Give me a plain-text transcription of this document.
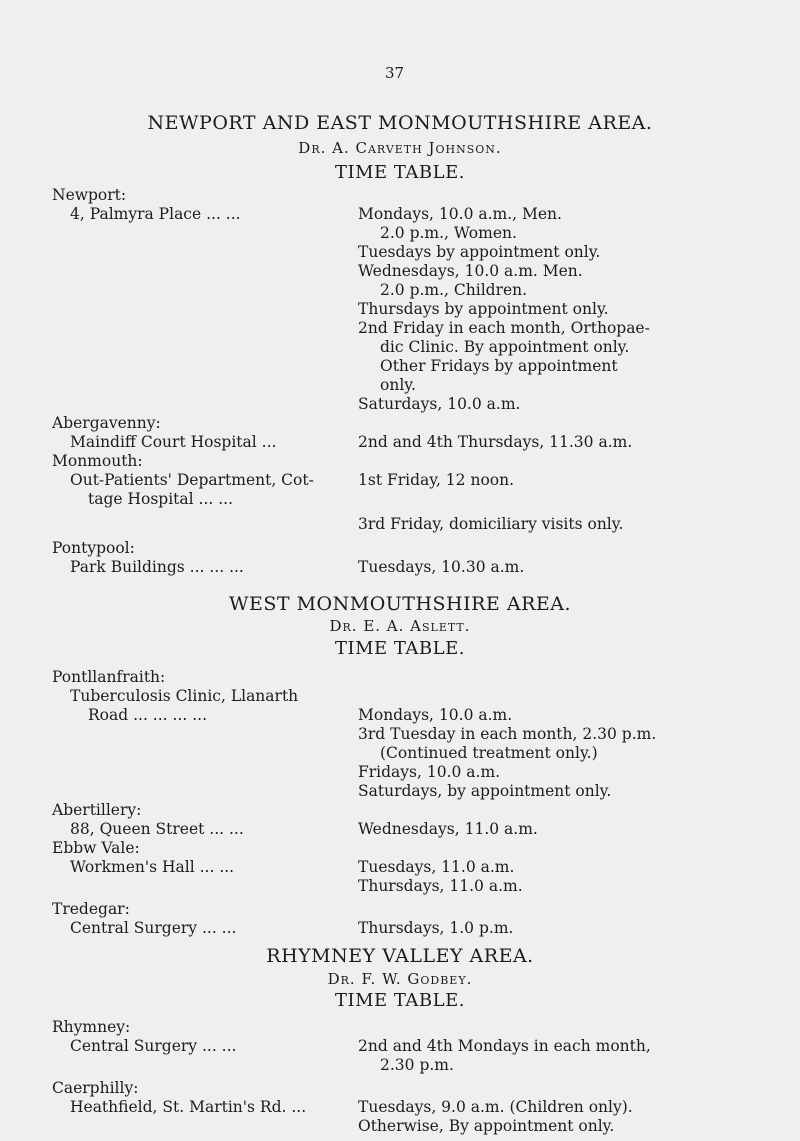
37
NEWPORT AND EAST MONMOUTHSHIRE AREA.
Dr. A. Carveth Johnson.
TIME TABLE.
Newport:
4, Palmyra Place ... ...	Mondays, 10.0 a.m., Men.
2.0 p.m., Women.
Tuesdays by appointment only.
Wednesdays, 10.0 a.m. Men.
2.0 p.m., Children.
Thursdays by appointment only.
2nd Friday in each month, Orthopae-
dic Clinic. By appointment only.
Other Fridays by appointment
only.
Saturdays, 10.0 a.m.
Abergavenny:
Maindiff Court Hospital ...	2nd and 4th Thursdays, 11.30 a.m.
Monmouth:
Out-Patients' Department, Cot-	1st Friday, 12 noon.
tage Hospital ... ...
3rd Friday, domiciliary visits only.
Pontypool:
Park Buildings ... ... ...	Tuesdays, 10.30 a.m.
WEST MONMOUTHSHIRE AREA.
Dr. E. A. Aslett.
TIME TABLE.
Pontllanfraith:
Tuberculosis Clinic, Llanarth
Road ... ... ... ...	Mondays, 10.0 a.m.
3rd Tuesday in each month, 2.30 p.m.
(Continued treatment only.)
Fridays, 10.0 a.m.
Saturdays, by appointment only.
Abertillery:
88, Queen Street ... ...	Wednesdays, 11.0 a.m.
Ebbw Vale:
Workmen's Hall ... ...	Tuesdays, 11.0 a.m.
Thursdays, 11.0 a.m.
Tredegar:
Central Surgery ... ...	Thursdays, 1.0 p.m.
RHYMNEY VALLEY AREA.
Dr. F. W. Godbey.
TIME TABLE.
Rhymney:
Central Surgery ... ...	2nd and 4th Mondays in each month,
2.30 p.m.
Caerphilly:
Heathfield, St. Martin's Rd. ...	Tuesdays, 9.0 a.m. (Children only).
Otherwise, By appointment only.
